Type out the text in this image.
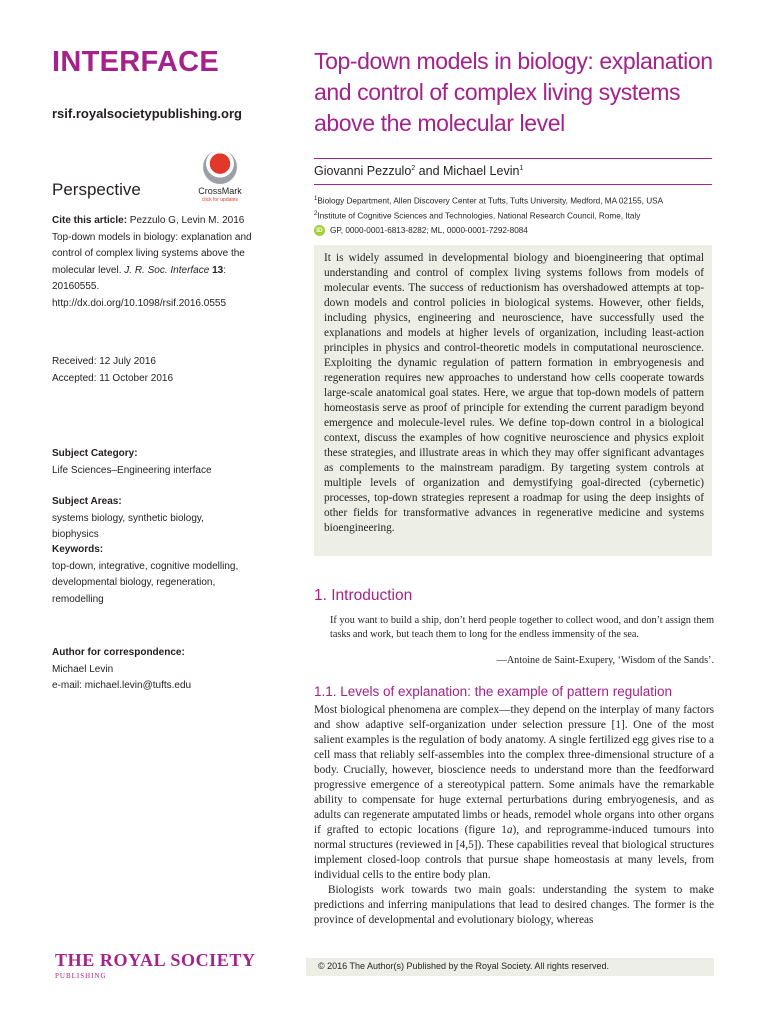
INTERFACE
rsif.royalsocietypublishing.org
Perspective	CrossMark
click for updates
Cite this article: Pezzulo G, Levin M. 2016 Top-down models in biology: explanation and control of complex living systems above the molecular level. J. R. Soc. Interface 13: 20160555.
http://dx.doi.org/10.1098/rsif.2016.0555
Received: 12 July 2016
Accepted: 11 October 2016
Subject Category:
Life Sciences–Engineering interface
Subject Areas:
systems biology, synthetic biology, biophysics
Keywords:
top-down, integrative, cognitive modelling, developmental biology, regeneration, remodelling
Author for correspondence:
Michael Levin
e-mail: michael.levin@tufts.edu
Top-down models in biology: explanation and control of complex living systems above the molecular level
Giovanni Pezzulo$^2$ and Michael Levin$^1$
$^1$Biology Department, Allen Discovery Center at Tufts, Tufts University, Medford, MA 02155, USA
$^2$Institute of Cognitive Sciences and Technologies, National Research Council, Rome, Italy
iD GP, 0000-0001-6813-8282; ML, 0000-0001-7292-8084
It is widely assumed in developmental biology and bioengineering that optimal understanding and control of complex living systems follows from models of molecular events. The success of reductionism has overshadowed attempts at top-down models and control policies in biological systems. However, other fields, including physics, engineering and neuroscience, have successfully used the explanations and models at higher levels of organization, including least-action principles in physics and control-theoretic models in computational neuroscience. Exploiting the dynamic regulation of pattern formation in embryogenesis and regeneration requires new approaches to understand how cells cooperate towards large-scale anatomical goal states. Here, we argue that top-down models of pattern homeostasis serve as proof of principle for extending the current paradigm beyond emergence and molecule-level rules. We define top-down control in a biological context, discuss the examples of how cognitive neuroscience and physics exploit these strategies, and illustrate areas in which they may offer significant advantages as complements to the mainstream paradigm. By targeting system controls at multiple levels of organization and demystifying goal-directed (cybernetic) processes, top-down strategies represent a roadmap for using the deep insights of other fields for transformative advances in regenerative medicine and systems bioengineering.
1. Introduction
If you want to build a ship, don’t herd people together to collect wood, and don’t assign them tasks and work, but teach them to long for the endless immensity of the sea.
—Antoine de Saint-Exupery, ‘Wisdom of the Sands’.
1.1. Levels of explanation: the example of pattern regulation

Most biological phenomena are complex—they depend on the interplay of many factors and show adaptive self-organization under selection pressure [1]. One of the most salient examples is the regulation of body anatomy. A single fertilized egg gives rise to a cell mass that reliably self-assembles into the complex three-dimensional structure of a body. Crucially, however, bioscience needs to understand more than the feedforward progressive emergence of a stereotypical pattern. Some animals have the remarkable ability to compensate for huge external perturbations during embryogenesis, and as adults can regenerate amputated limbs or heads, remodel whole organs into other organs if grafted to ectopic locations (figure 1a), and reprogramme-induced tumours into normal structures (reviewed in [4,5]). These capabilities reveal that biological structures implement closed-loop controls that pursue shape homeostasis at many levels, from individual cells to the entire body plan.

Biologists work towards two main goals: understanding the system to make predictions and inferring manipulations that lead to desired changes. The former is the province of developmental and evolutionary biology, whereas

THE ROYAL SOCIETY
PUBLISHING
© 2016 The Author(s) Published by the Royal Society. All rights reserved.
